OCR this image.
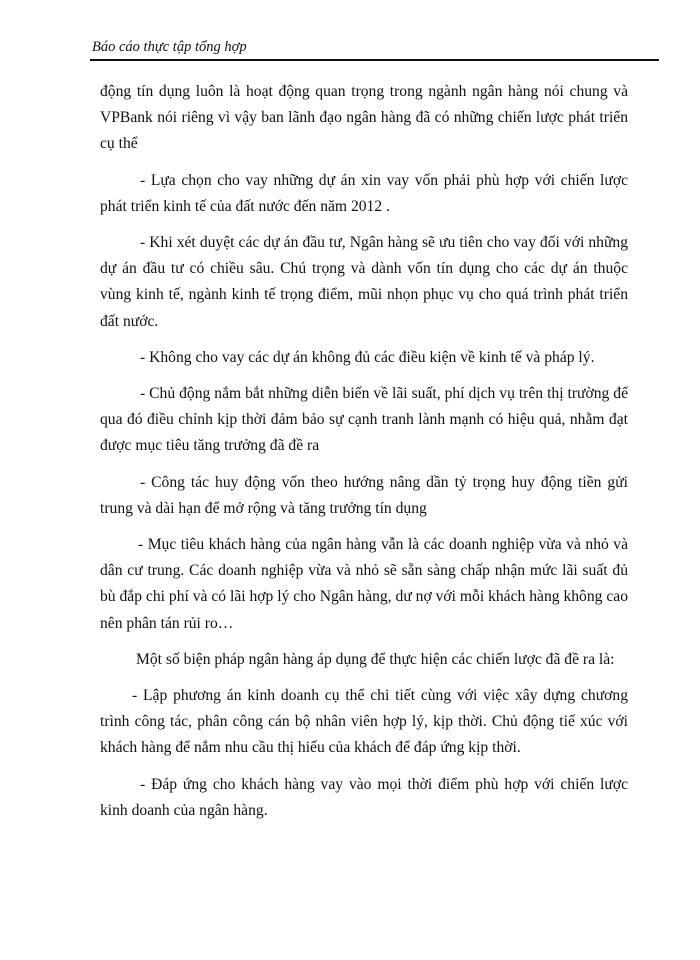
Báo cáo thực tập tổng hợp

động tín dụng luôn là hoạt động quan trọng trong ngành ngân hàng nói chung và VPBank nói riêng vì vậy ban lãnh đạo ngân hàng đã có những chiến lược phát triển cụ thể

- Lựa chọn cho vay những dự án xin vay vốn phải phù hợp với chiến lược phát triển kinh tế của đất nước đến năm 2012 .

- Khi xét duyệt các dự án đầu tư, Ngân hàng sẽ ưu tiên cho vay đối với những dự án đầu tư có chiều sâu. Chú trọng và dành vốn tín dụng cho các dự án thuộc vùng kinh tế, ngành kinh tế trọng điểm, mũi nhọn phục vụ cho quá trình phát triển đất nước.

- Không cho vay các dự án không đủ các điều kiện về kinh tế và pháp lý.

- Chủ động nắm bắt những diễn biến về lãi suất, phí dịch vụ trên thị trường để qua đó điều chỉnh kịp thời đảm bảo sự cạnh tranh lành mạnh có hiệu quả, nhằm đạt được mục tiêu tăng trưởng đã đề ra

- Công tác huy động vốn theo hướng nâng dần tỷ trọng huy động tiền gửi trung và dài hạn để mở rộng và tăng trưởng tín dụng

- Mục tiêu khách hàng của ngân hàng vẫn là các doanh nghiệp vừa và nhỏ và dân cư trung. Các doanh nghiệp vừa và nhỏ sẽ sẵn sàng chấp nhận mức lãi suất đủ bù đắp chi phí và có lãi hợp lý cho Ngân hàng, dư nợ với mỗi khách hàng không cao nên phân tán rủi ro…

Một số biện pháp ngân hàng áp dụng để thực hiện các chiến lược đã đề ra là:

- Lập phương án kinh doanh cụ thể chi tiết cùng với việc xây dựng chương trình công tác, phân công cán bộ nhân viên hợp lý, kịp thời. Chủ động tiế xúc với khách hàng để nắm nhu cầu thị hiếu của khách để đáp ứng kịp thời.

- Đáp ứng cho khách hàng vay vào mọi thời điểm phù hợp với chiến lược kinh doanh của ngân hàng.
